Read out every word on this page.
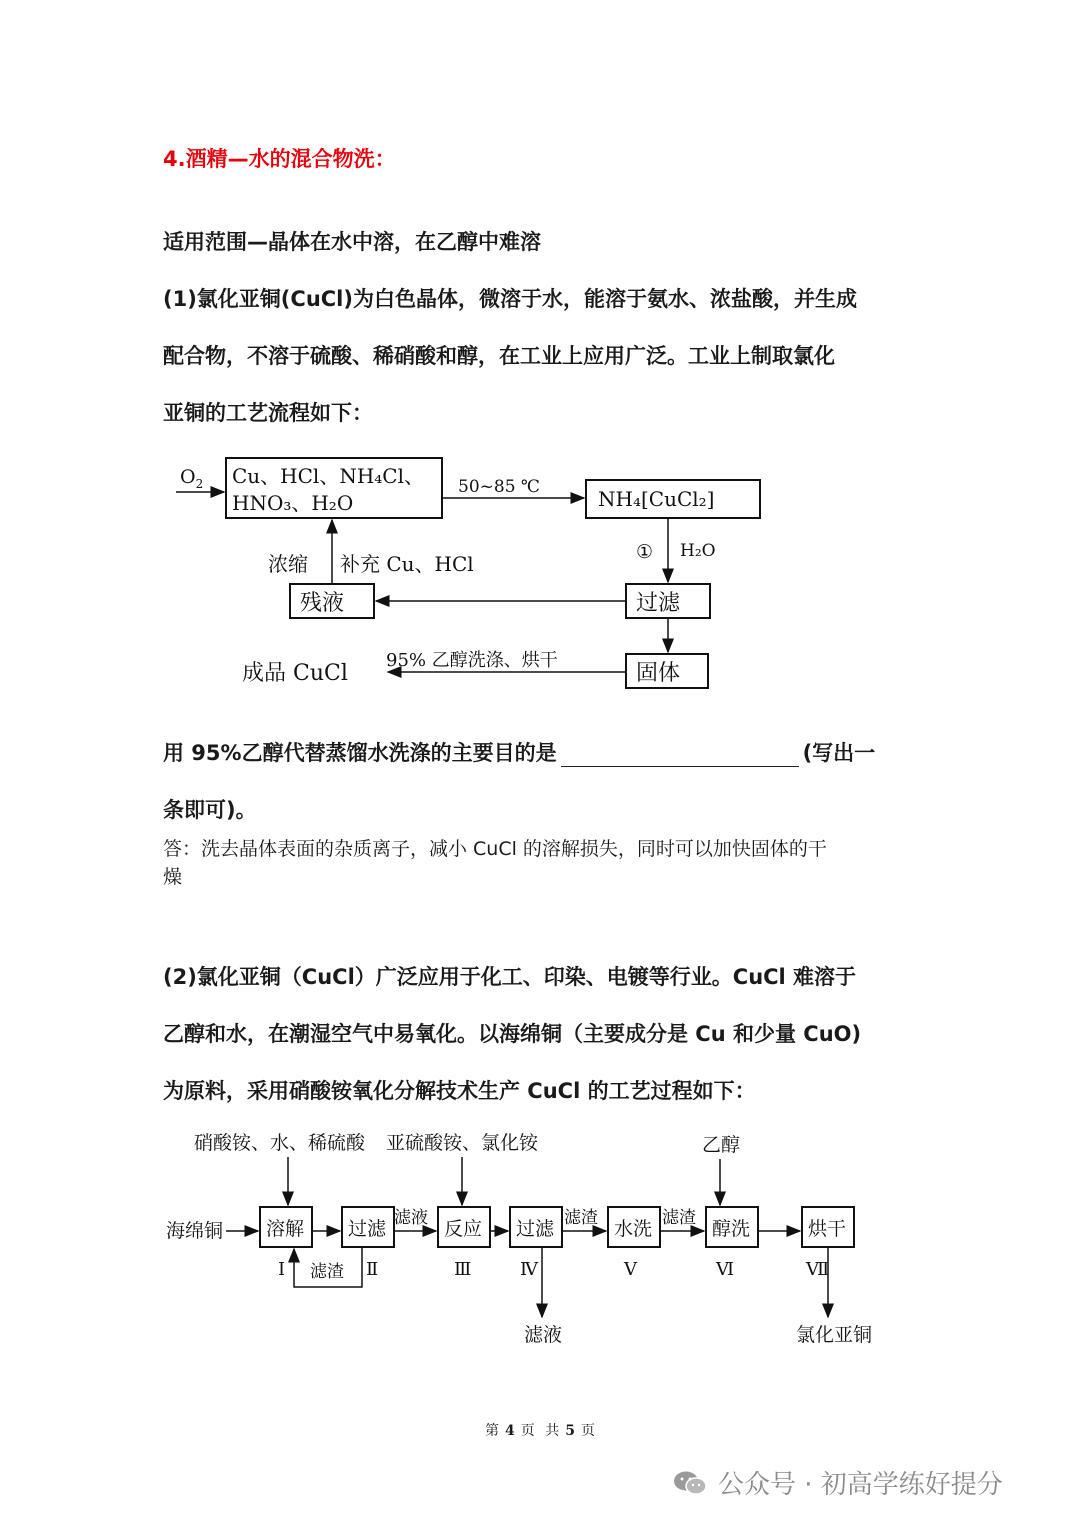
4.酒精—水的混合物洗：
适用范围—晶体在水中溶，在乙醇中难溶
(1)氯化亚铜(CuCl)为白色晶体，微溶于水，能溶于氨水、浓盐酸，并生成
配合物，不溶于硫酸、稀硝酸和醇，在工业上应用广泛。工业上制取氯化
亚铜的工艺流程如下：
$O_2$ Cu、HCl、NH₄Cl、
HNO₃、H₂O
50~85 ℃	NH₄[CuCl₂]
① H₂O
过滤
残液
浓缩 补充 Cu、HCl
固体
95% 乙醇洗涤、烘干
成品 CuCl
用 95%乙醇代替蒸馏水洗涤的主要目的是	(写出一
条即可)。
答：洗去晶体表面的杂质离子，减小 CuCl 的溶解损失，同时可以加快固体的干
燥
(2)氯化亚铜（CuCl）广泛应用于化工、印染、电镀等行业。CuCl 难溶于
乙醇和水，在潮湿空气中易氧化。以海绵铜（主要成分是 Cu 和少量 CuO)
为原料，采用硝酸铵氧化分解技术生产 CuCl 的工艺过程如下：
硝酸铵、水、稀硫酸 亚硫酸铵、氯化铵	乙醇
海绵铜 溶解 过滤 滤液 反应 过滤 滤渣 水洗 滤渣 醇洗	烘干
Ⅰ	Ⅱ	Ⅲ	Ⅳ	Ⅴ	Ⅵ	Ⅶ
滤渣
滤液	氯化亚铜
第 4 页 共 5 页
公众号 · 初高学练好提分
